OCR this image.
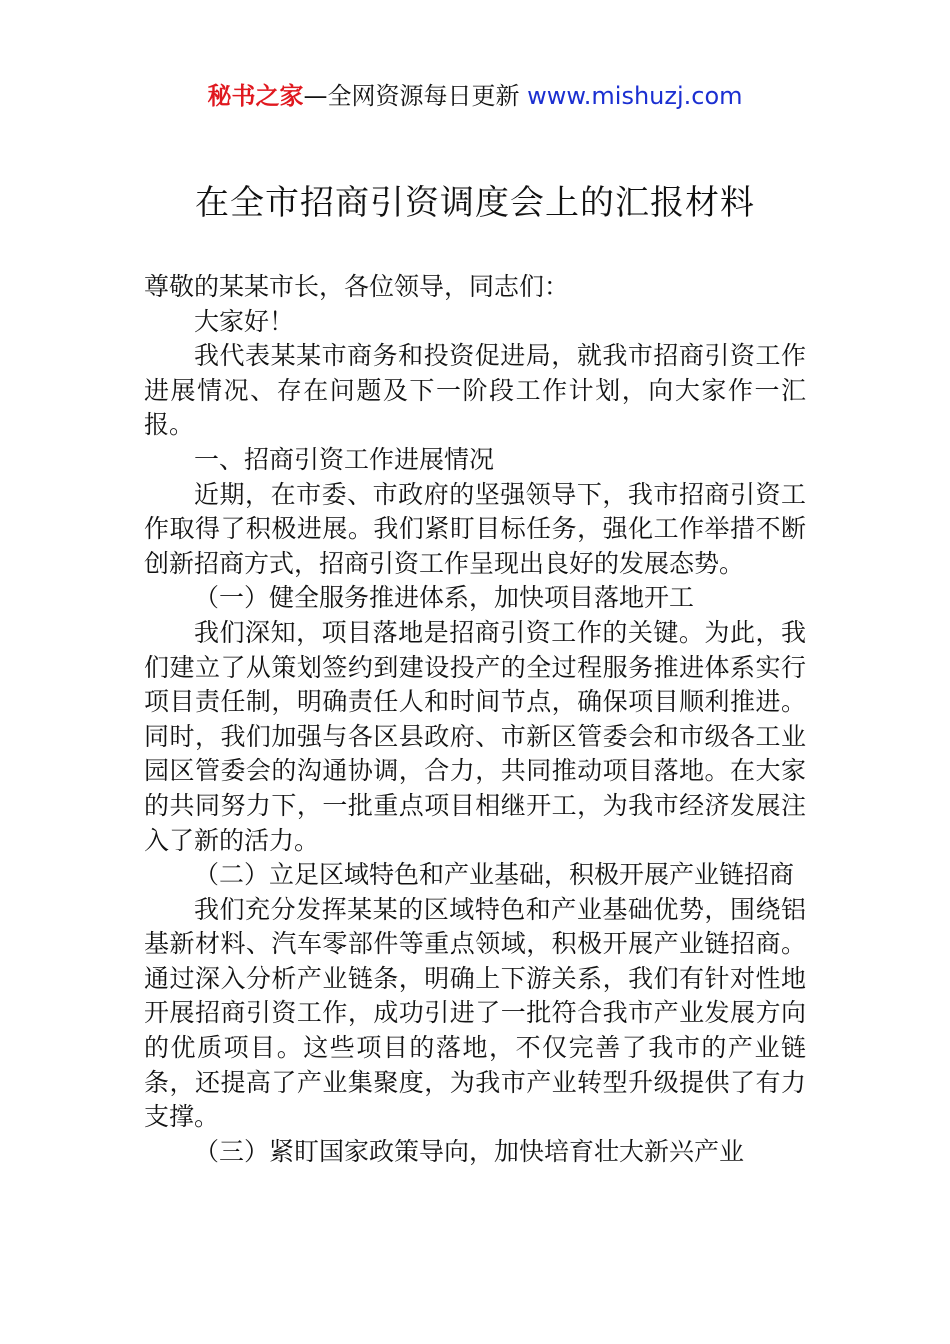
秘书之家—全网资源每日更新 www.mishuzj.com
在全市招商引资调度会上的汇报材料

尊敬的某某市长，各位领导，同志们：

大家好！

我代表某某市商务和投资促进局，就我市招商引资工作进展情况、存在问题及下一阶段工作计划，向大家作一汇报。

一、招商引资工作进展情况

近期，在市委、市政府的坚强领导下，我市招商引资工作取得了积极进展。我们紧盯目标任务，强化工作举措不断创新招商方式，招商引资工作呈现出良好的发展态势。

（一）健全服务推进体系，加快项目落地开工

我们深知，项目落地是招商引资工作的关键。为此，我们建立了从策划签约到建设投产的全过程服务推进体系实行项目责任制，明确责任人和时间节点，确保项目顺利推进。同时，我们加强与各区县政府、市新区管委会和市级各工业园区管委会的沟通协调，合力，共同推动项目落地。在大家的共同努力下，一批重点项目相继开工，为我市经济发展注入了新的活力。

（二）立足区域特色和产业基础，积极开展产业链招商

我们充分发挥某某的区域特色和产业基础优势，围绕铝基新材料、汽车零部件等重点领域，积极开展产业链招商。通过深入分析产业链条，明确上下游关系，我们有针对性地开展招商引资工作，成功引进了一批符合我市产业发展方向的优质项目。这些项目的落地，不仅完善了我市的产业链条，还提高了产业集聚度，为我市产业转型升级提供了有力支撑。

（三）紧盯国家政策导向，加快培育壮大新兴产业
